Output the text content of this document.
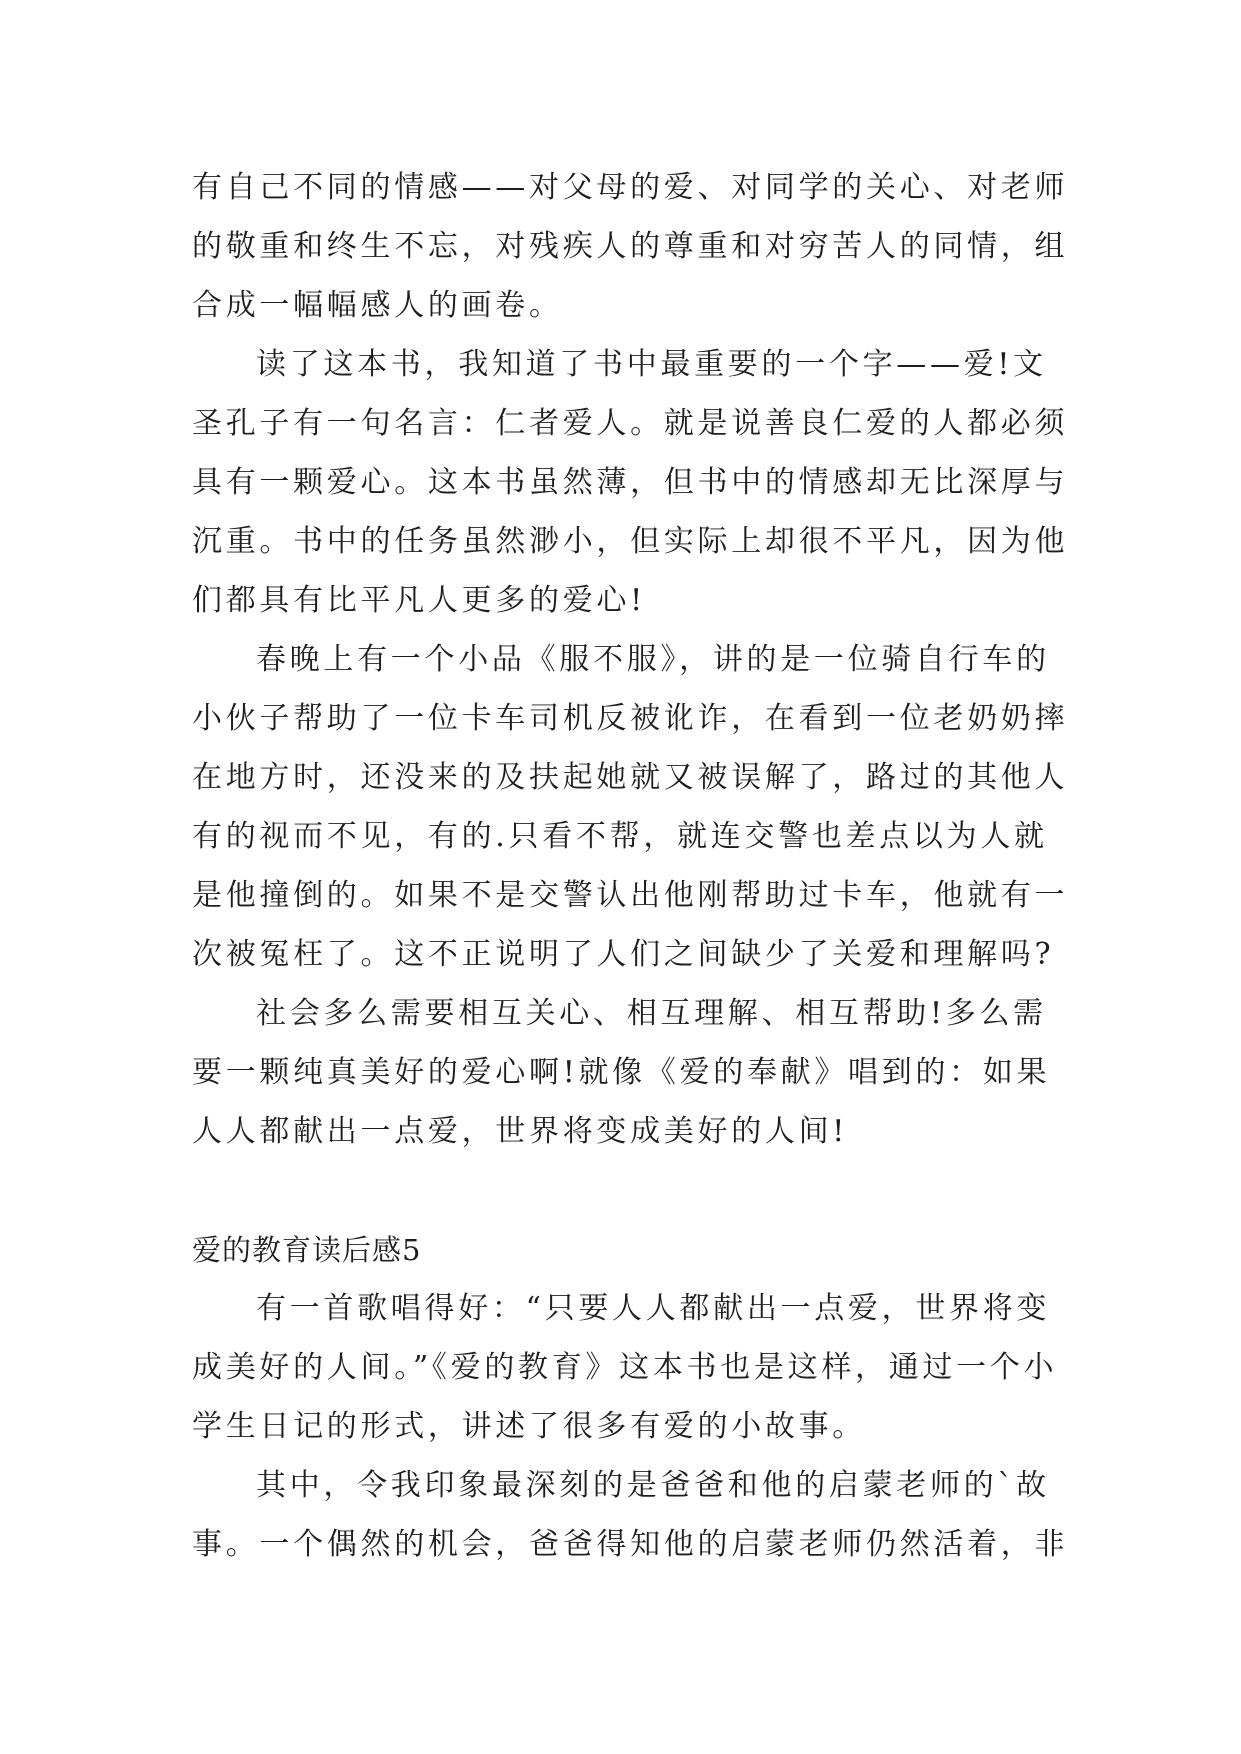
有自己不同的情感——对父母的爱、对同学的关心、对老师
的敬重和终生不忘，对残疾人的尊重和对穷苦人的同情，组
合成一幅幅感人的画卷。
读了这本书，我知道了书中最重要的一个字——爱!文
圣孔子有一句名言：仁者爱人。就是说善良仁爱的人都必须
具有一颗爱心。这本书虽然薄，但书中的情感却无比深厚与
沉重。书中的任务虽然渺小，但实际上却很不平凡，因为他
们都具有比平凡人更多的爱心!
春晚上有一个小品《服不服》，讲的是一位骑自行车的
小伙子帮助了一位卡车司机反被讹诈，在看到一位老奶奶摔
在地方时，还没来的及扶起她就又被误解了，路过的其他人
有的视而不见，有的.只看不帮，就连交警也差点以为人就
是他撞倒的。如果不是交警认出他刚帮助过卡车，他就有一
次被冤枉了。这不正说明了人们之间缺少了关爱和理解吗?
社会多么需要相互关心、相互理解、相互帮助!多么需
要一颗纯真美好的爱心啊!就像《爱的奉献》唱到的：如果
人人都献出一点爱，世界将变成美好的人间!
爱的教育读后感5
有一首歌唱得好：“只要人人都献出一点爱，世界将变
成美好的人间。”《爱的教育》这本书也是这样，通过一个小
学生日记的形式，讲述了很多有爱的小故事。
其中，令我印象最深刻的是爸爸和他的启蒙老师的`故
事。一个偶然的机会，爸爸得知他的启蒙老师仍然活着，非
